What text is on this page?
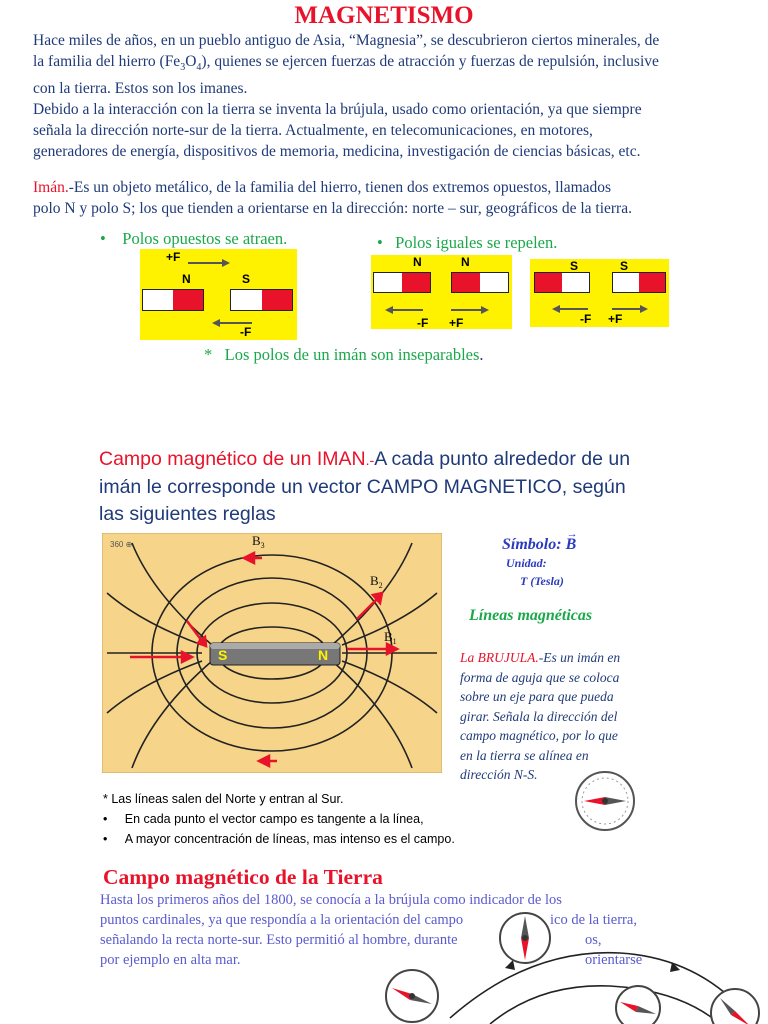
MAGNETISMO
Hace miles de años, en un pueblo antiguo de Asia, “Magnesia”, se descubrieron ciertos minerales, de
la familia del hierro $(Fe_3O_4)$, quienes se ejercen fuerzas de atracción y fuerzas de repulsión, inclusive
con la tierra. Estos son los imanes.
Debido a la interacción con la tierra se inventa la brújula, usado como orientación, ya que siempre
señala la dirección norte-sur de la tierra. Actualmente, en telecomunicaciones, en motores,
generadores de energía, dispositivos de memoria, medicina, investigación de ciencias básicas, etc.
Imán.-Es un objeto metálico, de la familia del hierro, tienen dos extremos opuestos, llamados
polo N y polo S; los que tienden a orientarse en la dirección: norte – sur, geográficos de la tierra.
• Polos opuestos se atraen.	• Polos iguales se repelen.
+F
N	S
-F
N	N
-F +F
S	S
-F +F
* Los polos de un imán son inseparables.
Campo magnético de un IMAN.-A cada punto alrededor de un
imán le corresponde un vector CAMPO MAGNETICO, según
las siguientes reglas
360 ⊕
S	N
$B_1$
$B_2$
$B_3$	Símbolo:
→
B
Unidad:
T (Tesla)
Líneas magnéticas
La BRUJULA.-Es un imán en
forma de aguja que se coloca
sobre un eje para que pueda
girar. Señala la dirección del
campo magnético, por lo que
en la tierra se alínea en
dirección N-S.
* Las líneas salen del Norte y entran al Sur.
•     En cada punto el vector campo es tangente a la línea,
•     A mayor concentración de líneas, mas intenso es el campo.
Campo magnético de la Tierra
Hasta los primeros años del 1800, se conocía a la brújula como indicador de los
puntos cardinales, ya que respondía a la orientación del campo	ico de la tierra,
señalando la recta norte-sur. Esto permitió al hombre, durante	os, orientarse
por ejemplo en alta mar.
